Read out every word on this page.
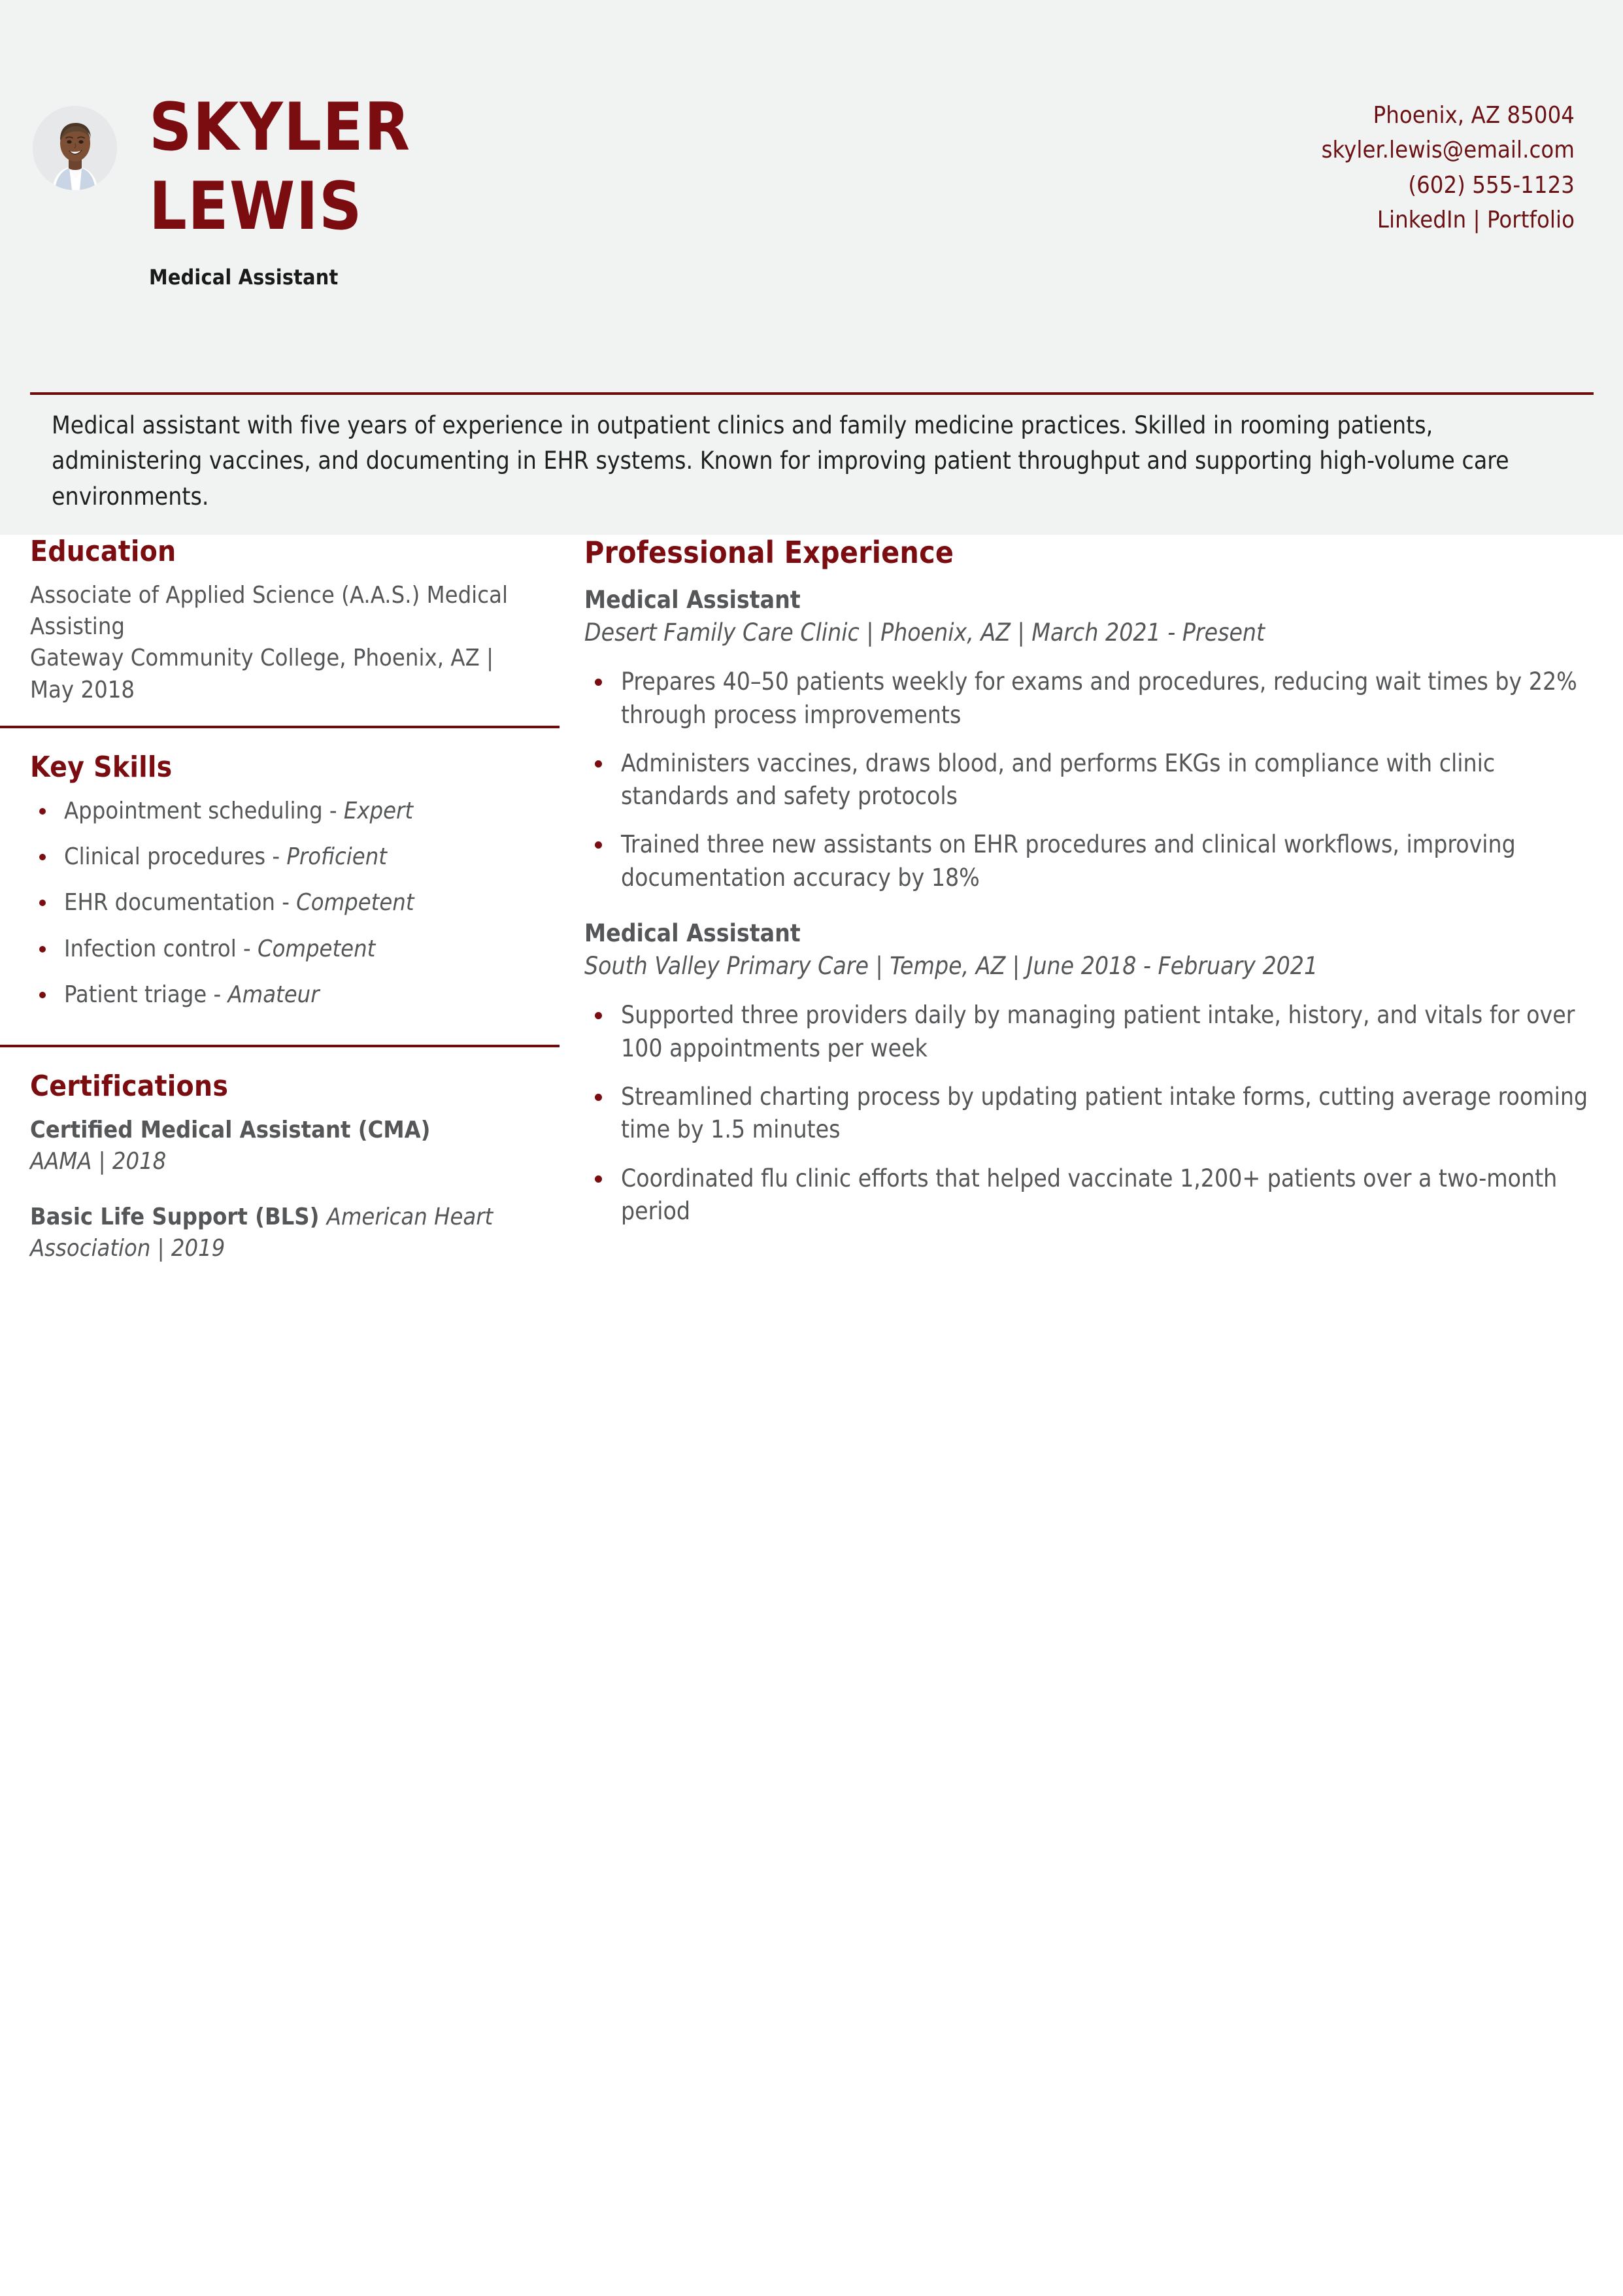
SKYLER
LEWIS
Medical Assistant
Phoenix, AZ 85004
skyler.lewis@email.com
(602) 555-1123
LinkedIn | Portfolio
Medical assistant with five years of experience in outpatient clinics and family medicine practices. Skilled in rooming patients, administering vaccines, and documenting in EHR systems. Known for improving patient throughput and supporting high-volume care environments.
Education
Associate of Applied Science (A.A.S.) Medical Assisting
Gateway Community College, Phoenix, AZ | May 2018
Key Skills
Appointment scheduling - Expert
Clinical procedures - Proficient
EHR documentation - Competent
Infection control - Competent
Patient triage - Amateur
Certifications
Certified Medical Assistant (CMA)
AAMA | 2018
Basic Life Support (BLS) American Heart Association | 2019
Professional Experience
Medical Assistant
Desert Family Care Clinic | Phoenix, AZ | March 2021 - Present
Prepares 40–50 patients weekly for exams and procedures, reducing wait times by 22% through process improvements
Administers vaccines, draws blood, and performs EKGs in compliance with clinic standards and safety protocols
Trained three new assistants on EHR procedures and clinical workflows, improving documentation accuracy by 18%
Medical Assistant
South Valley Primary Care | Tempe, AZ | June 2018 - February 2021
Supported three providers daily by managing patient intake, history, and vitals for over 100 appointments per week
Streamlined charting process by updating patient intake forms, cutting average rooming time by 1.5 minutes
Coordinated flu clinic efforts that helped vaccinate 1,200+ patients over a two-month period
